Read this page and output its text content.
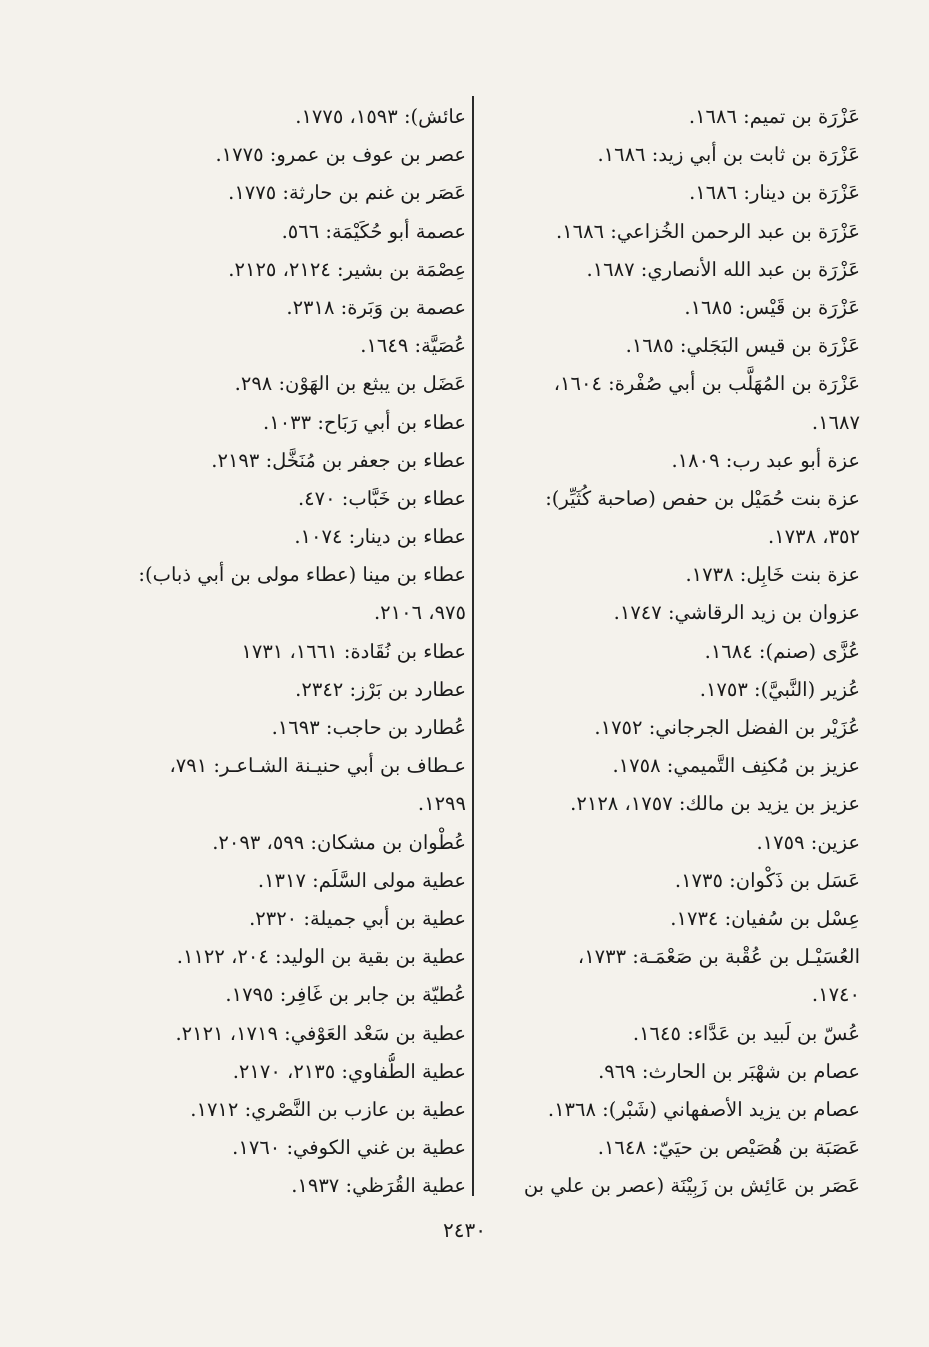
عَزْرَة بن تميم: ١٦٨٦.
عَزْرَة بن ثابت بن أبي زيد: ١٦٨٦.
عَزْرَة بن دينار: ١٦٨٦.
عَزْرَة بن عبد الرحمن الخُزاعي: ١٦٨٦.
عَزْرَة بن عبد الله الأنصاري: ١٦٨٧.
عَزْرَة بن قَيْس: ١٦٨٥.
عَزْرَة بن قيس البَجَلي: ١٦٨٥.
عَزْرَة بن المُهَلَّب بن أبي صُفْرة: ١٦٠٤،
١٦٨٧.
عزة أبو عبد رب: ١٨٠٩.
عزة بنت حُمَيْل بن حفص (صاحبة كُثَيِّر):
٣٥٢، ١٧٣٨.
عزة بنت خَابِل: ١٧٣٨.
عزوان بن زيد الرقاشي: ١٧٤٧.
عُزَّى (صنم): ١٦٨٤.
عُزير (النَّبيَّ): ١٧٥٣.
عُزَيْر بن الفضل الجرجاني: ١٧٥٢.
عزيز بن مُكنِف التَّميمي: ١٧٥٨.
عزيز بن يزيد بن مالك: ١٧٥٧، ٢١٢٨.
عزين: ١٧٥٩.
عَسَل بن ذَكْوان: ١٧٣٥.
عِسْل بن سُفيان: ١٧٣٤.
العُسَيْـل بن عُقْبة بن صَعْمَـة: ١٧٣٣،
١٧٤٠.
عُسّ بن لَبيد بن عَدَّاء: ١٦٤٥.
عصام بن شهْبَر بن الحارث: ٩٦٩.
عصام بن يزيد الأصفهاني (شَبْر): ١٣٦٨.
عَصَبَة بن هُصَيْص بن حيَيّ: ١٦٤٨.
عَصَر بن عَائِش بن زَبِيْنَة (عصر بن علي بن
عائش): ١٥٩٣، ١٧٧٥.
عصر بن عوف بن عمرو: ١٧٧٥.
عَصَر بن غنم بن حارثة: ١٧٧٥.
عصمة أبو حُكَيْمَة: ٥٦٦.
عِصْمَة بن بشير: ٢١٢٤، ٢١٢٥.
عصمة بن وَبَرة: ٢٣١٨.
عُصَيَّة: ١٦٤٩.
عَضَل بن يبثع بن الهَوْن: ٢٩٨.
عطاء بن أبي رَبَاح: ١٠٣٣.
عطاء بن جعفر بن مُنَخَّل: ٢١٩٣.
عطاء بن خَبَّاب: ٤٧٠.
عطاء بن دينار: ١٠٧٤.
عطاء بن مينا (عطاء مولى بن أبي ذباب):
٩٧٥، ٢١٠٦.
عطاء بن نُقَادة: ١٦٦١، ١٧٣١
عطارد بن بَرْز: ٢٣٤٢.
عُطارد بن حاجب: ١٦٩٣.
عـطاف بن أبي حنيـنة الشـاعـر: ٧٩١،
١٢٩٩.
عُطْوان بن مشكان: ٥٩٩، ٢٠٩٣.
عطية مولى السَّلَم: ١٣١٧.
عطية بن أبي جميلة: ٢٣٢٠.
عطية بن بقية بن الوليد: ٢٠٤، ١١٢٢.
عُطيّة بن جابر بن غَافِر: ١٧٩٥.
عطية بن سَعْد العَوْفي: ١٧١٩، ٢١٢١.
عطية الطُّفاوي: ٢١٣٥، ٢١٧٠.
عطية بن عازب بن النَّصْري: ١٧١٢.
عطية بن غني الكوفي: ١٧٦٠.
عطية القُرَظي: ١٩٣٧.
٢٤٣٠
